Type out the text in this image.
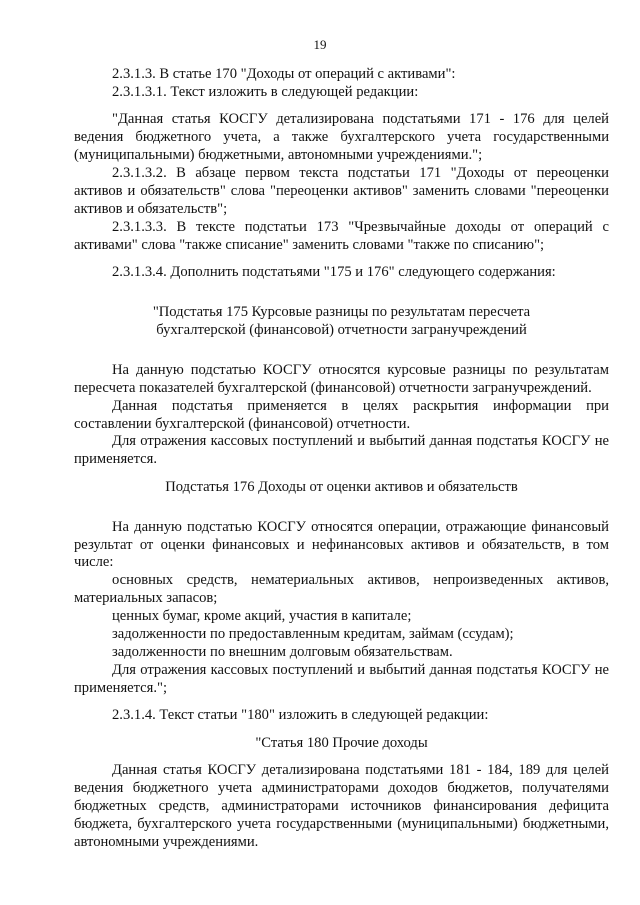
19

2.3.1.3. В статье 170 "Доходы от операций с активами":

2.3.1.3.1. Текст изложить в следующей редакции:

"Данная статья КОСГУ детализирована подстатьями 171 - 176 для целей ведения бюджетного учета, а также бухгалтерского учета государственными (муниципальными) бюджетными, автономными учреждениями.";

2.3.1.3.2. В абзаце первом текста подстатьи 171 "Доходы от переоценки активов и обязательств" слова "переоценки активов" заменить словами "переоценки активов и обязательств";

2.3.1.3.3. В тексте подстатьи 173 "Чрезвычайные доходы от операций с активами" слова "также списание" заменить словами "также по списанию";

2.3.1.3.4. Дополнить подстатьями "175 и 176" следующего содержания:

"Подстатья 175 Курсовые разницы по результатам пересчета бухгалтерской (финансовой) отчетности загранучреждений

На данную подстатью КОСГУ относятся курсовые разницы по результатам пересчета показателей бухгалтерской (финансовой) отчетности загранучреждений.

Данная подстатья применяется в целях раскрытия информации при составлении бухгалтерской (финансовой) отчетности.

Для отражения кассовых поступлений и выбытий данная подстатья КОСГУ не применяется.

Подстатья 176 Доходы от оценки активов и обязательств

На данную подстатью КОСГУ относятся операции, отражающие финансовый результат от оценки финансовых и нефинансовых активов и обязательств, в том числе:

основных средств, нематериальных активов, непроизведенных активов, материальных запасов;

ценных бумаг, кроме акций, участия в капитале;

задолженности по предоставленным кредитам, займам (ссудам);

задолженности по внешним долговым обязательствам.

Для отражения кассовых поступлений и выбытий данная подстатья КОСГУ не применяется.";

2.3.1.4. Текст статьи "180" изложить в следующей редакции:

"Статья 180 Прочие доходы

Данная статья КОСГУ детализирована подстатьями 181 - 184, 189 для целей ведения бюджетного учета администраторами доходов бюджетов, получателями бюджетных средств, администраторами источников финансирования дефицита бюджета, бухгалтерского учета государственными (муниципальными) бюджетными, автономными учреждениями.
